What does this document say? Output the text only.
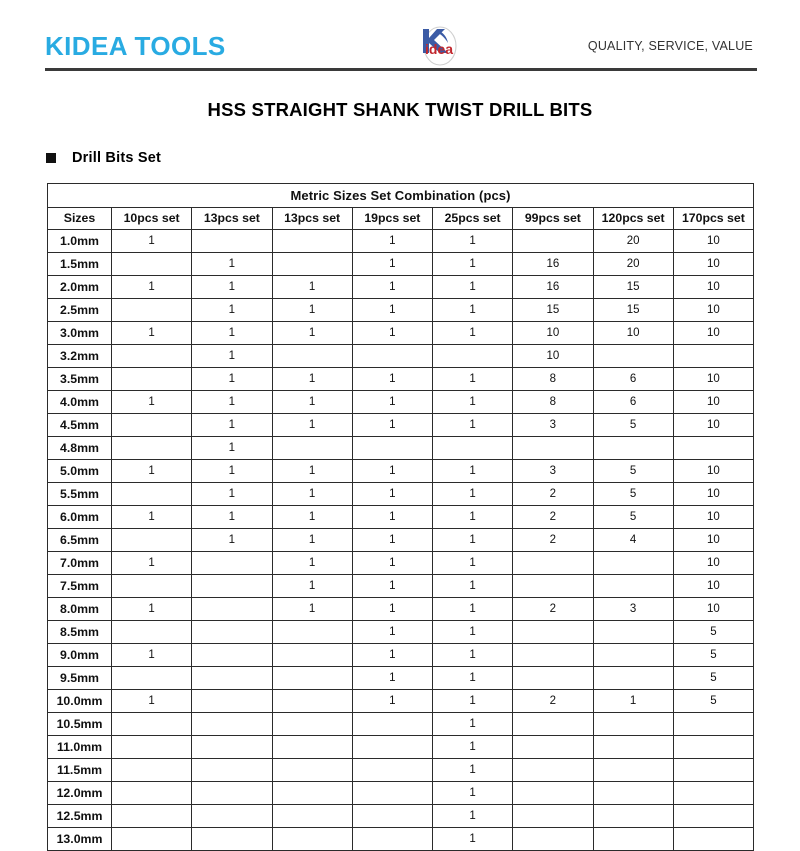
KIDEA TOOLS	idea	QUALITY, SERVICE, VALUE
HSS STRAIGHT SHANK TWIST DRILL BITS
Drill Bits Set
Metric Sizes Set Combination (pcs)								
Sizes	10pcs set	13pcs set	13pcs set	19pcs set	25pcs set	99pcs set	120pcs set	170pcs set
1.0mm	1			1	1		20	10
1.5mm		1		1	1	16	20	10
2.0mm	1	1	1	1	1	16	15	10
2.5mm		1	1	1	1	15	15	10
3.0mm	1	1	1	1	1	10	10	10
3.2mm		1				10		
3.5mm		1	1	1	1	8	6	10
4.0mm	1	1	1	1	1	8	6	10
4.5mm		1	1	1	1	3	5	10
4.8mm		1						
5.0mm	1	1	1	1	1	3	5	10
5.5mm		1	1	1	1	2	5	10
6.0mm	1	1	1	1	1	2	5	10
6.5mm		1	1	1	1	2	4	10
7.0mm	1		1	1	1			10
7.5mm			1	1	1			10
8.0mm	1		1	1	1	2	3	10
8.5mm				1	1			5
9.0mm	1			1	1			5
9.5mm				1	1			5
10.0mm	1			1	1	2	1	5
10.5mm					1			
11.0mm					1			
11.5mm					1			
12.0mm					1			
12.5mm					1			
13.0mm					1			
